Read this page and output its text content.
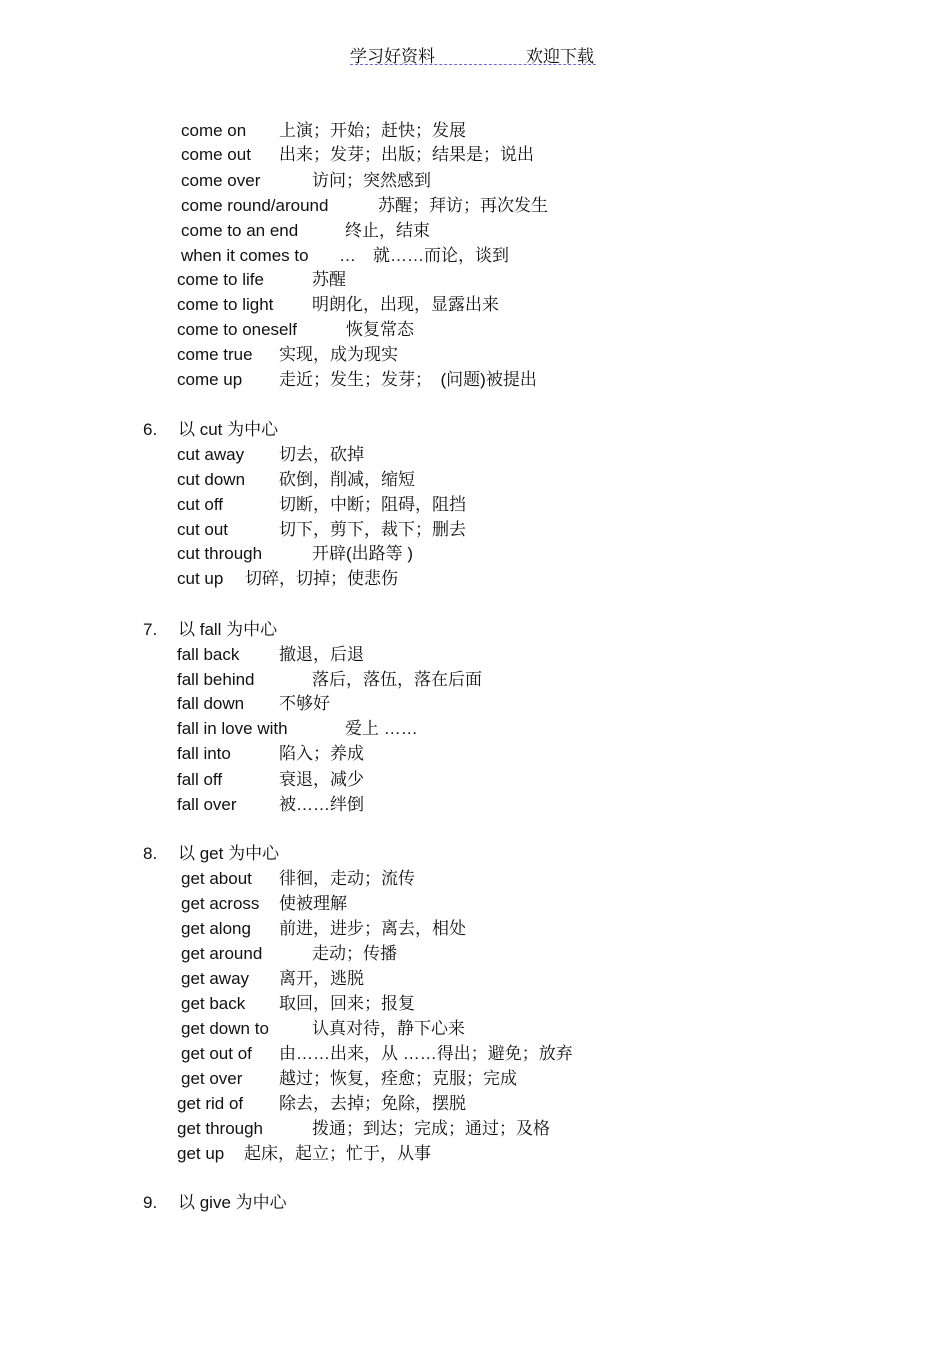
学习好资料	欢迎下载
come on 上演；开始；赶快；发展
come out 出来；发芽；出版；结果是；说出
come over	访问；突然感到
come round/around	苏醒；拜访；再次发生
come to an end	终止，结束
when it comes to …　就……而论，谈到
come to life	苏醒
come to light 明朗化，出现，显露出来
come to oneself	恢复常态
come true 实现，成为现实
come up 走近；发生；发芽；　(问题)被提出
6. 以 cut 为中心
cut away 切去，砍掉
cut down 砍倒，削减，缩短
cut off	切断，中断；阻碍，阻挡
cut out	切下，剪下，裁下；删去
cut through	开辟(出路等 )
cut up 切碎，切掉；使悲伤
7. 以 fall 为中心
fall back 撤退，后退
fall behind	落后，落伍，落在后面
fall down 不够好
fall in love with	爱上 ……
fall into	陷入；养成
fall off	衰退，减少
fall over 被……绊倒
8. 以 get 为中心
get about 徘徊，走动；流传
get across 使被理解
get along 前进，进步；离去，相处
get around	走动；传播
get away 离开，逃脱
get back 取回，回来；报复
get down to	认真对待，静下心来
get out of 由……出来，从 ……得出；避免；放弃
get over 越过；恢复，痊愈；克服；完成
get rid of 除去，去掉；免除，摆脱
get through	拨通；到达；完成；通过；及格
get up 起床，起立；忙于，从事
9. 以 give 为中心
